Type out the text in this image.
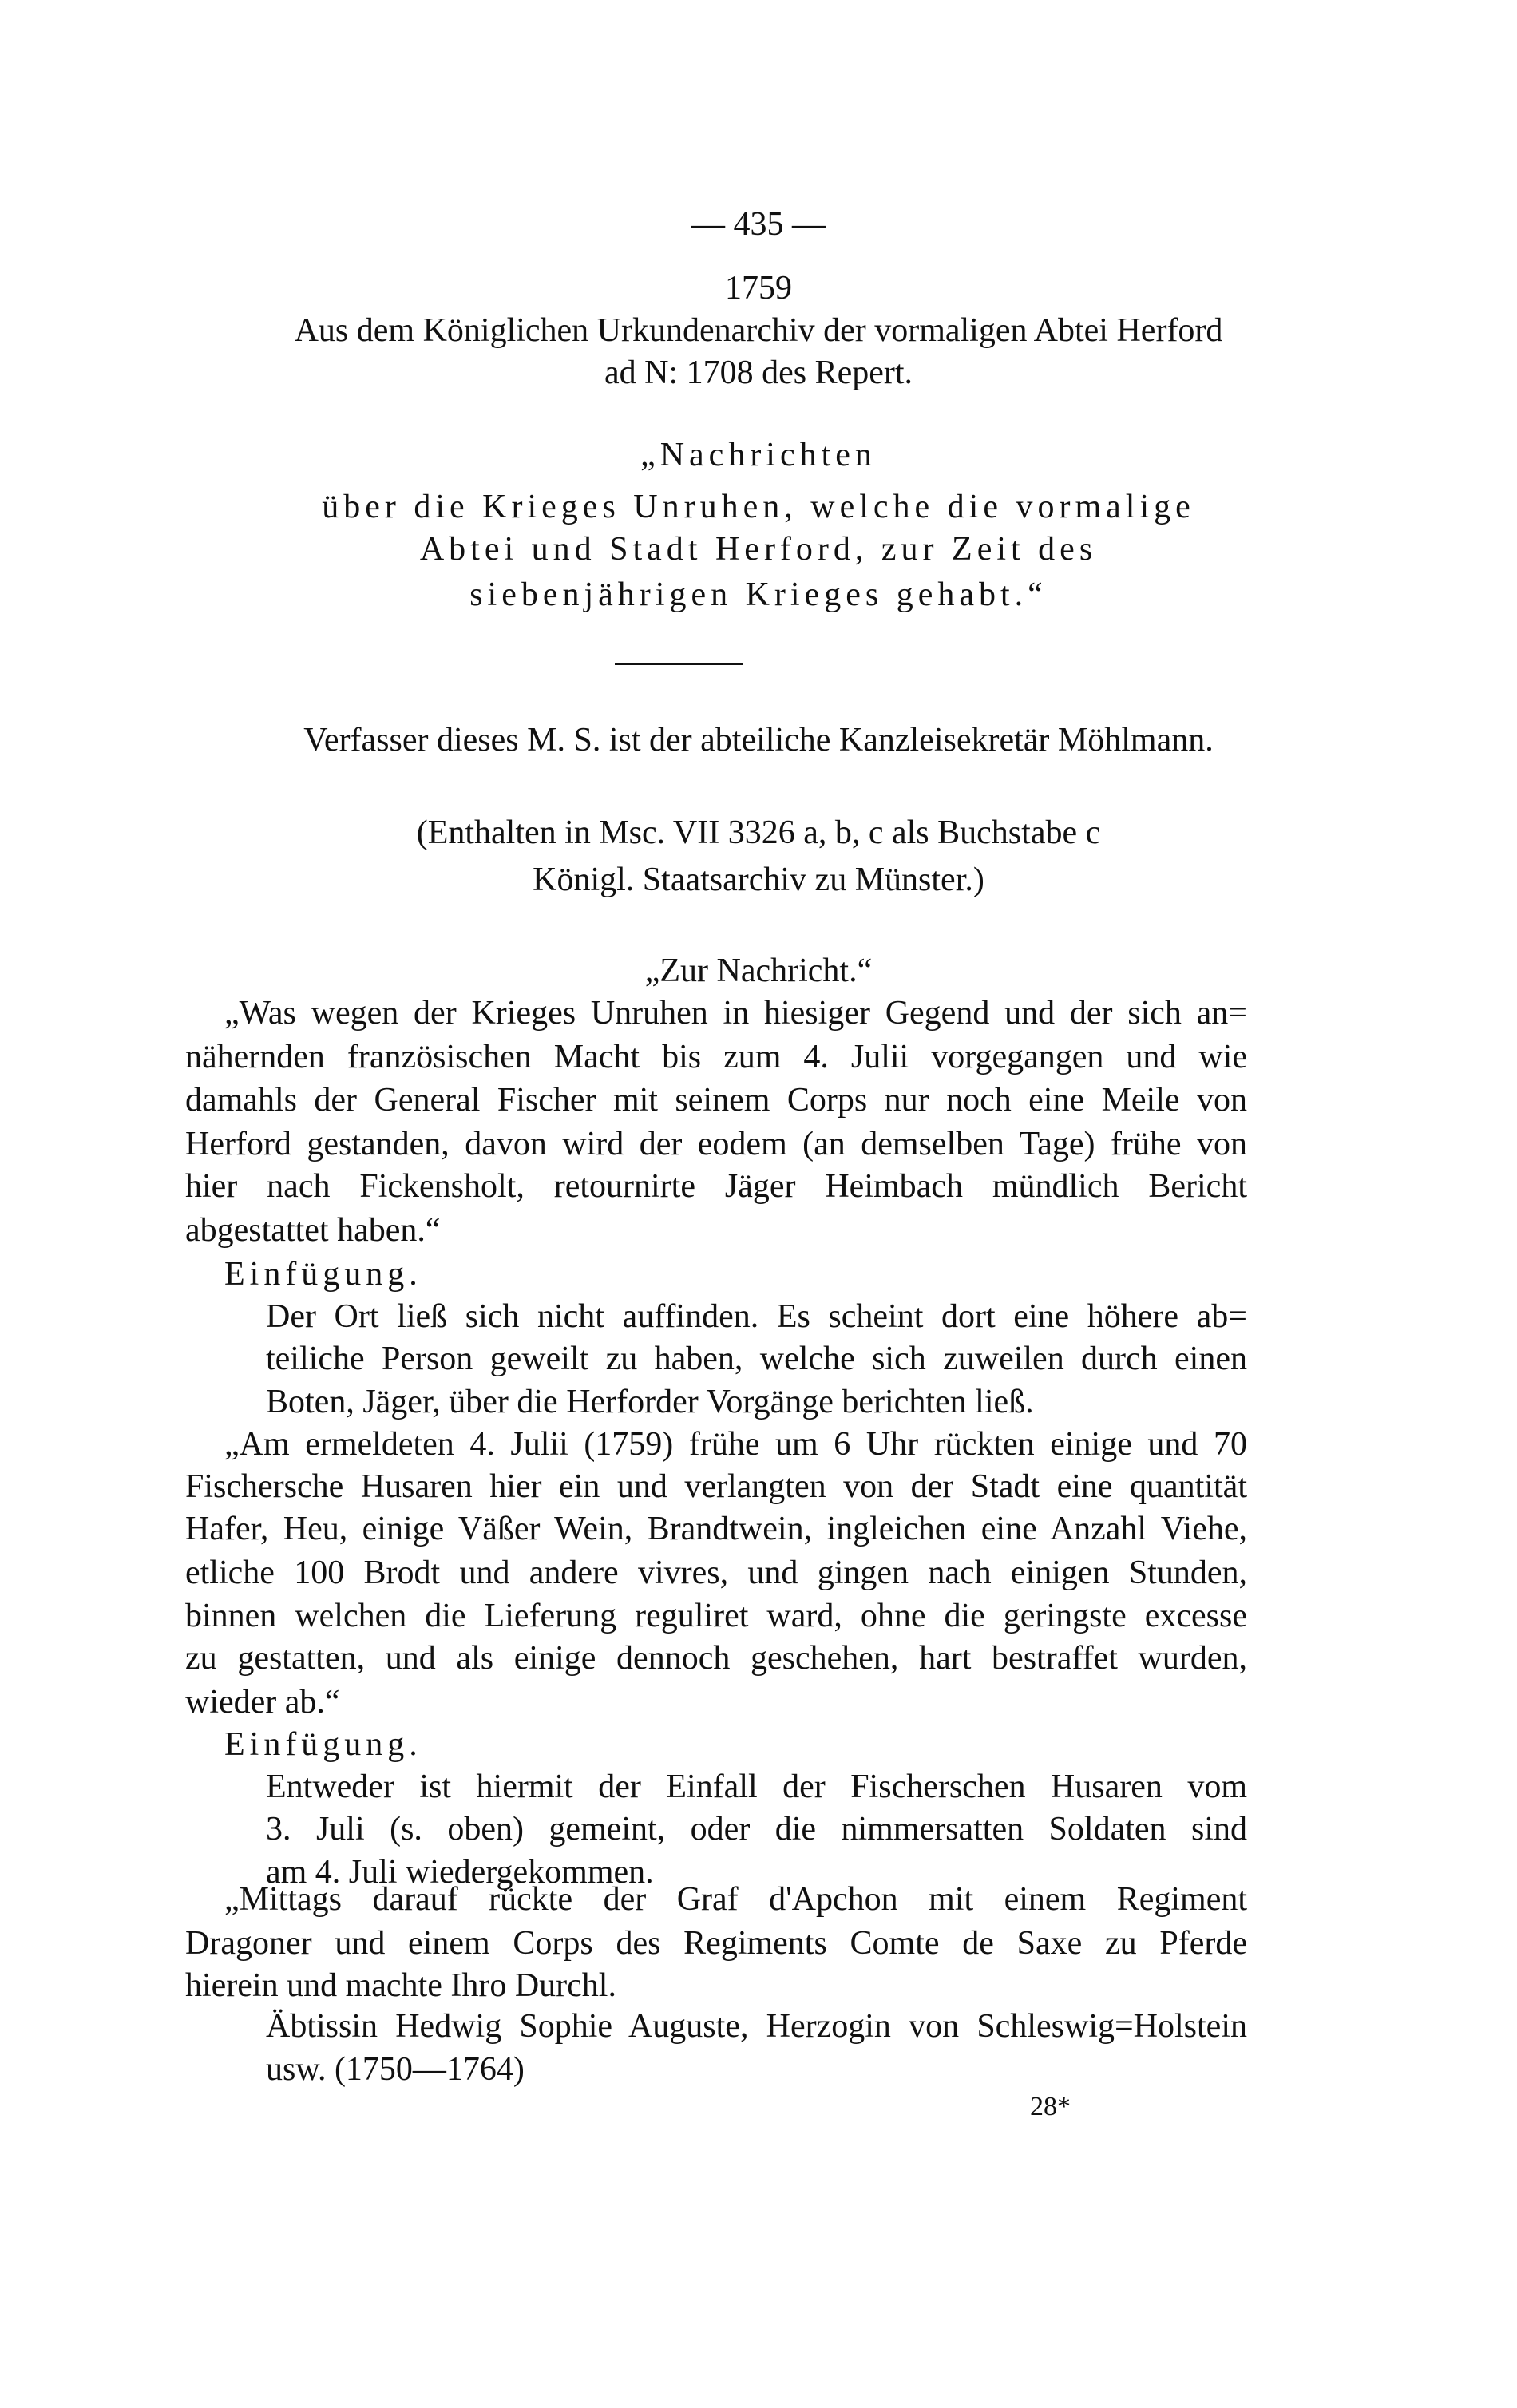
— 435 —
1759
Aus dem Königlichen Urkundenarchiv der vormaligen Abtei Herford
ad N: 1708 des Repert.
„Nachrichten
über die Krieges Unruhen, welche die vormalige
Abtei und Stadt Herford, zur Zeit des
siebenjährigen Krieges gehabt.“
Verfasser dieses M. S. ist der abteiliche Kanzleisekretär Möhlmann.
(Enthalten in Msc. VII 3326 a, b, c als Buchstabe c
Königl. Staatsarchiv zu Münster.)
„Zur Nachricht.“
„Was wegen der Krieges Unruhen in hiesiger Gegend und der sich an=
nähernden französischen Macht bis zum 4. Julii vorgegangen und wie
damahls der General Fischer mit seinem Corps nur noch eine Meile von
Herford gestanden, davon wird der eodem (an demselben Tage) frühe von
hier nach Fickensholt, retournirte Jäger Heimbach mündlich Bericht
abgestattet haben.“
Einfügung.
Der Ort ließ sich nicht auffinden. Es scheint dort eine höhere ab=
teiliche Person geweilt zu haben, welche sich zuweilen durch einen
Boten, Jäger, über die Herforder Vorgänge berichten ließ.
„Am ermeldeten 4. Julii (1759) frühe um 6 Uhr rückten einige und 70
Fischersche Husaren hier ein und verlangten von der Stadt eine quantität
Hafer, Heu, einige Väßer Wein, Brandtwein, ingleichen eine Anzahl Viehe,
etliche 100 Brodt und andere vivres, und gingen nach einigen Stunden,
binnen welchen die Lieferung reguliret ward, ohne die geringste excesse
zu gestatten, und als einige dennoch geschehen, hart bestraffet wurden,
wieder ab.“
Einfügung.
Entweder ist hiermit der Einfall der Fischerschen Husaren vom
3. Juli (s. oben) gemeint, oder die nimmersatten Soldaten sind
am 4. Juli wiedergekommen.
„Mittags darauf rückte der Graf d'Apchon mit einem Regiment
Dragoner und einem Corps des Regiments Comte de Saxe zu Pferde
hierein und machte Ihro Durchl.
Äbtissin Hedwig Sophie Auguste, Herzogin von Schleswig=Holstein
usw. (1750—1764)
28*
